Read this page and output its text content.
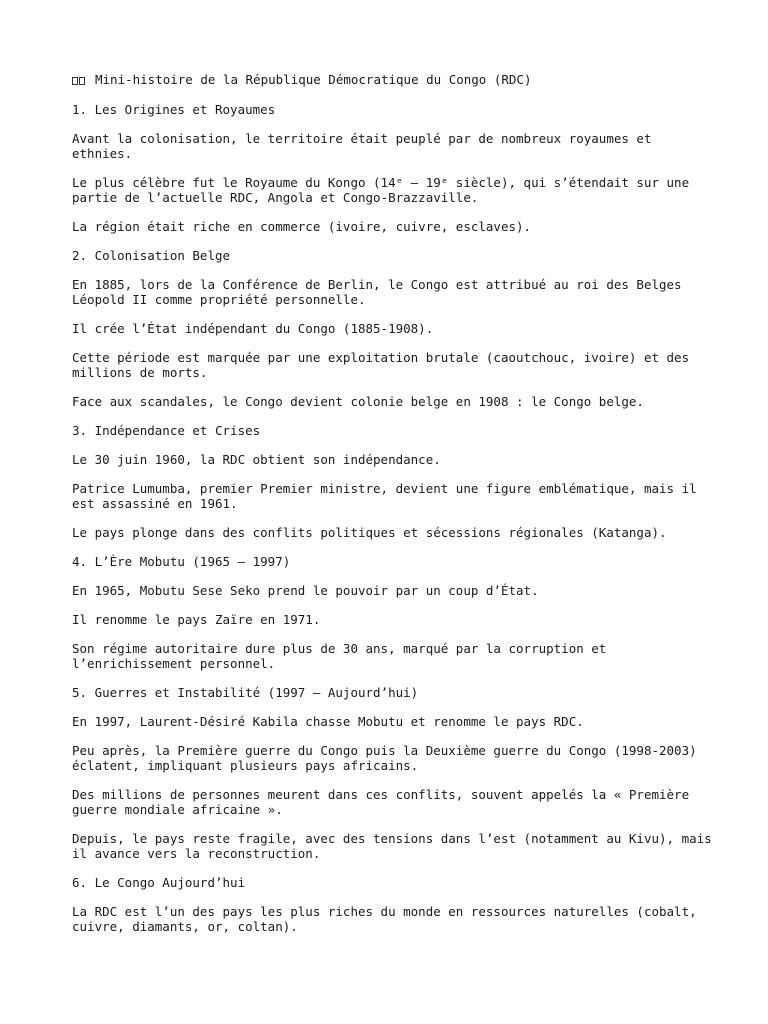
Mini-histoire de la République Démocratique du Congo (RDC)
1. Les Origines et Royaumes
Avant la colonisation, le territoire était peuplé par de nombreux royaumes et ethnies.
Le plus célèbre fut le Royaume du Kongo (14ᵉ – 19ᵉ siècle), qui s’étendait sur une partie de l’actuelle RDC, Angola et Congo-Brazzaville.
La région était riche en commerce (ivoire, cuivre, esclaves).
2. Colonisation Belge
En 1885, lors de la Conférence de Berlin, le Congo est attribué au roi des Belges Léopold II comme propriété personnelle.
Il crée l’État indépendant du Congo (1885-1908).
Cette période est marquée par une exploitation brutale (caoutchouc, ivoire) et des millions de morts.
Face aux scandales, le Congo devient colonie belge en 1908 : le Congo belge.
3. Indépendance et Crises
Le 30 juin 1960, la RDC obtient son indépendance.
Patrice Lumumba, premier Premier ministre, devient une figure emblématique, mais il est assassiné en 1961.
Le pays plonge dans des conflits politiques et sécessions régionales (Katanga).
4. L’Ère Mobutu (1965 – 1997)
En 1965, Mobutu Sese Seko prend le pouvoir par un coup d’État.
Il renomme le pays Zaïre en 1971.
Son régime autoritaire dure plus de 30 ans, marqué par la corruption et l’enrichissement personnel.
5. Guerres et Instabilité (1997 – Aujourd’hui)
En 1997, Laurent-Désiré Kabila chasse Mobutu et renomme le pays RDC.
Peu après, la Première guerre du Congo puis la Deuxième guerre du Congo (1998-2003) éclatent, impliquant plusieurs pays africains.
Des millions de personnes meurent dans ces conflits, souvent appelés la « Première guerre mondiale africaine ».
Depuis, le pays reste fragile, avec des tensions dans l’est (notamment au Kivu), mais il avance vers la reconstruction.
6. Le Congo Aujourd’hui
La RDC est l’un des pays les plus riches du monde en ressources naturelles (cobalt, cuivre, diamants, or, coltan).
